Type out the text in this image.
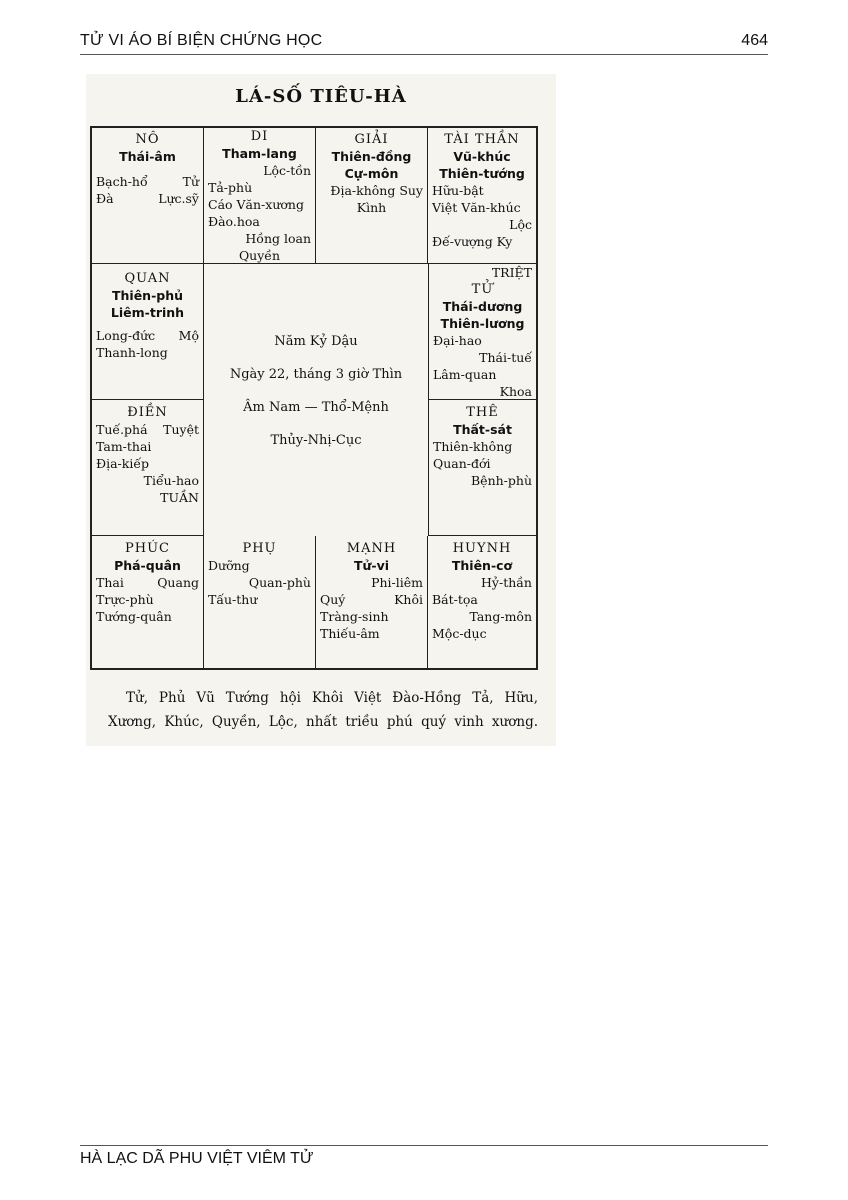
TỬ VI ÁO BÍ BIỆN CHỨNG HỌC	464
LÁ-SỐ TIÊU-HÀ
NÔ
Thái-âm
Bạch-hổ	Tử
Đà	Lực.sỹ
DI
Tham-lang
Lộc-tồn
Tả-phù
Cáo Văn-xương
Đào.hoa
Hồng loan
Quyền
GIẢI
Thiên-đồng
Cự-môn
Địa-không Suy
Kình
TÀI THẦN
Vũ-khúc
Thiên-tướng
Hữu-bật
Việt Văn-khúc
Lộc
Đế-vượng Ky
QUAN
Thiên-phủ
Liêm-trinh
Long-đức Mộ
Thanh-long
TRIỆT
TỬ
Thái-dương
Thiên-lương
Đại-hao
Thái-tuế
Lâm-quan
Khoa
ĐIỀN
Tuế.phá Tuyệt
Tam-thai
Địa-kiếp
Tiểu-hao
TUẦN
THÊ
Thất-sát
Thiên-không
Quan-đới
Bệnh-phù
PHÚC
Phá-quân
Thai	Quang
Trực-phù
Tướng-quân
PHỤ
Dưỡng
Quan-phù
Tấu-thư
MẠNH
Tử-vi
Phi-liêm
Quý	Khôi
Tràng-sinh
Thiếu-âm
HUYNH
Thiên-cơ
Hỷ-thần
Bát-tọa
Tang-môn
Mộc-dục
Năm Kỷ Dậu
Ngày 22, tháng 3 giờ Thìn
Âm Nam — Thổ-Mệnh
Thủy-Nhị-Cục

Tử, Phủ Vũ Tướng hội Khôi Việt Đào-Hồng Tả, Hữu,

Xương, Khúc, Quyền, Lộc, nhất triều phú quý vinh xương.

HÀ LẠC DÃ PHU VIỆT VIÊM TỬ
